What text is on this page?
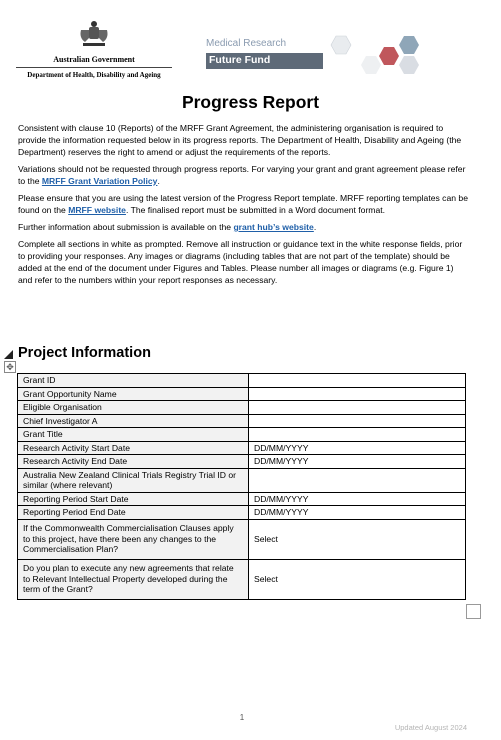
Australian Government
Department of Health, Disability and Ageing
Medical Research
Future Fund
Progress Report

Consistent with clause 10 (Reports) of the MRFF Grant Agreement, the administering organisation is required to provide the information requested below in its progress reports. The Department of Health, Disability and Ageing (the Department) reserves the right to amend or adjust the requirements of the reports.

Variations should not be requested through progress reports. For varying your grant and grant agreement please refer to the MRFF Grant Variation Policy.

Please ensure that you are using the latest version of the Progress Report template. MRFF reporting templates can be found on the MRFF website. The finalised report must be submitted in a Word document format.

Further information about submission is available on the grant hub’s website.

Complete all sections in white as prompted. Remove all instruction or guidance text in the white response fields, prior to providing your responses. Any images or diagrams (including tables that are not part of the template) should be added at the end of the document under Figures and Tables. Please number all images or diagrams (e.g. Figure 1) and refer to the numbers within your report responses as necessary.

✥
Project Information
Grant ID	
Grant Opportunity Name	
Eligible Organisation	
Chief Investigator A	
Grant Title	
Research Activity Start Date	DD/MM/YYYY
Research Activity End Date	DD/MM/YYYY
Australia New Zealand Clinical Trials Registry Trial ID or similar (where relevant)	
Reporting Period Start Date	DD/MM/YYYY
Reporting Period End Date	DD/MM/YYYY
If the Commonwealth Commercialisation Clauses apply to this project, have there been any changes to the Commercialisation Plan?	Select
Do you plan to execute any new agreements that relate to Relevant Intellectual Property developed during the term of the Grant?	Select
1
Updated August 2024
